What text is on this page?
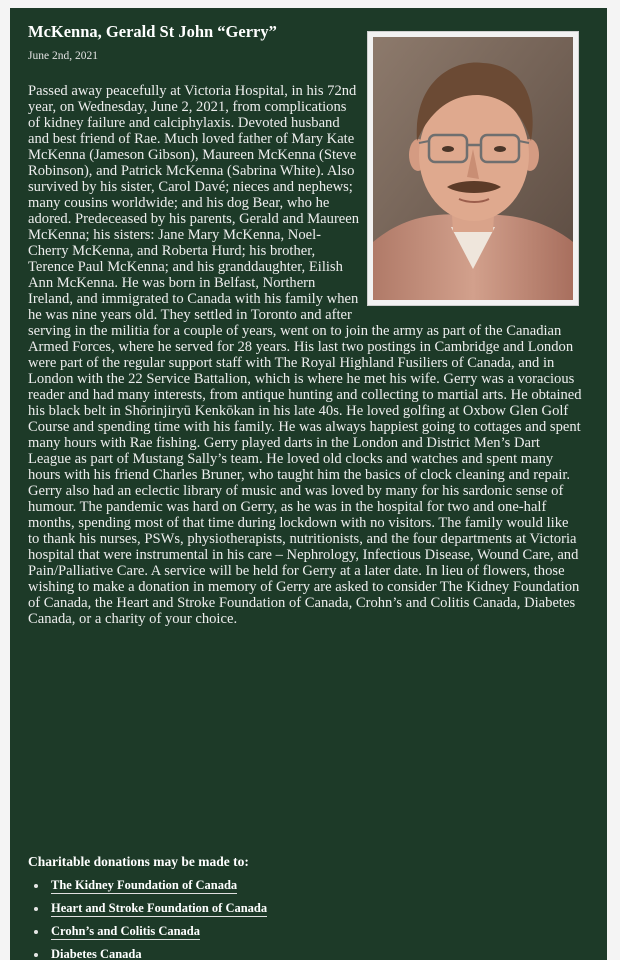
McKenna, Gerald St John “Gerry”
June 2nd, 2021

Passed away peacefully at Victoria Hospital, in his 72nd year, on Wednesday, June 2, 2021, from complications of kidney failure and calciphylaxis. Devoted husband and best friend of Rae. Much loved father of Mary Kate McKenna (Jameson Gibson), Maureen McKenna (Steve Robinson), and Patrick McKenna (Sabrina White). Also survived by his sister, Carol Davé; nieces and nephews; many cousins worldwide; and his dog Bear, who he adored. Predeceased by his parents, Gerald and Maureen McKenna; his sisters: Jane Mary McKenna, Noel-Cherry McKenna, and Roberta Hurd; his brother, Terence Paul McKenna; and his granddaughter, Eilish Ann McKenna. He was born in Belfast, Northern Ireland, and immigrated to Canada with his family when he was nine years old. They settled in Toronto and after serving in the militia for a couple of years, went on to join the army as part of the Canadian Armed Forces, where he served for 28 years. His last two postings in Cambridge and London were part of the regular support staff with The Royal Highland Fusiliers of Canada, and in London with the 22 Service Battalion, which is where he met his wife. Gerry was a voracious reader and had many interests, from antique hunting and collecting to martial arts. He obtained his black belt in Shōrinjiryū Kenkōkan in his late 40s. He loved golfing at Oxbow Glen Golf Course and spending time with his family. He was always happiest going to cottages and spent many hours with Rae fishing. Gerry played darts in the London and District Men’s Dart League as part of Mustang Sally’s team. He loved old clocks and watches and spent many hours with his friend Charles Bruner, who taught him the basics of clock cleaning and repair. Gerry also had an eclectic library of music and was loved by many for his sardonic sense of humour. The pandemic was hard on Gerry, as he was in the hospital for two and one-half months, spending most of that time during lockdown with no visitors. The family would like to thank his nurses, PSWs, physiotherapists, nutritionists, and the four departments at Victoria hospital that were instrumental in his care – Nephrology, Infectious Disease, Wound Care, and Pain/Palliative Care. A service will be held for Gerry at a later date. In lieu of flowers, those wishing to make a donation in memory of Gerry are asked to consider The Kidney Foundation of Canada, the Heart and Stroke Foundation of Canada, Crohn’s and Colitis Canada, Diabetes Canada, or a charity of your choice.

Charitable donations may be made to:
The Kidney Foundation of Canada
Heart and Stroke Foundation of Canada
Crohn’s and Colitis Canada
Diabetes Canada
